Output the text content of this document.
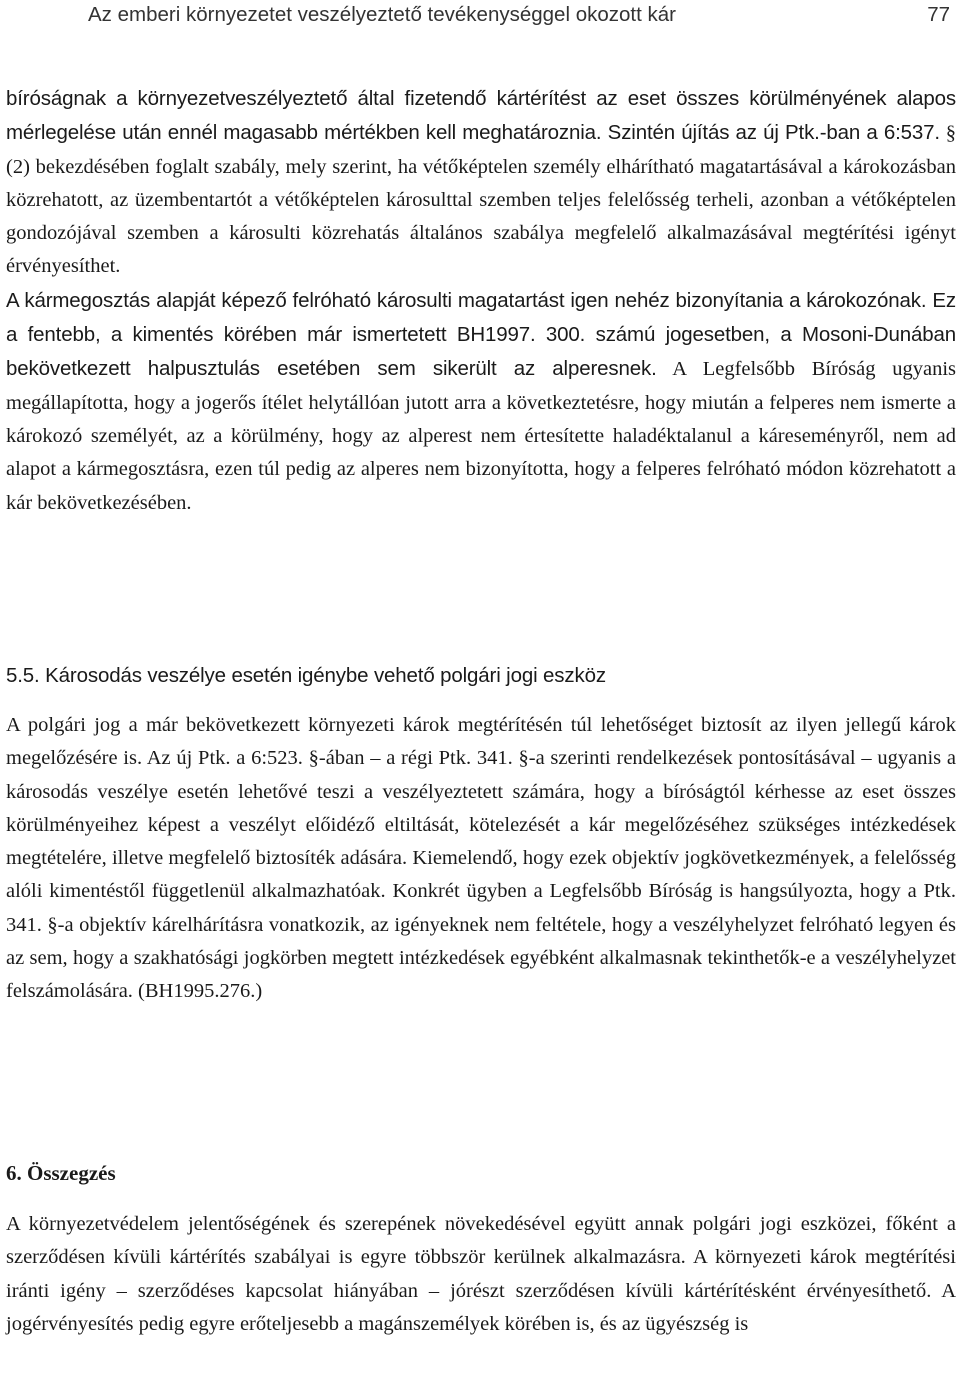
Az emberi környezetet veszélyeztető tevékenységgel okozott kár	77

bíróságnak a környezetveszélyeztető által fizetendő kártérítést az eset összes körülményének alapos mérlegelése után ennél magasabb mértékben kell meghatároznia. Szintén újítás az új Ptk.-ban a 6:537. § (2) bekezdésében foglalt szabály, mely szerint, ha vétőképtelen személy elhárítható magatartásával a károkozásban közrehatott, az üzembentartót a vétőképtelen károsulttal szemben teljes felelősség terheli, azonban a vétőképtelen gondozójával szemben a károsulti közrehatás általános szabálya megfelelő alkalmazásával megtérítési igényt érvényesíthet.

A kármegosztás alapját képező felróható károsulti magatartást igen nehéz bizonyítania a károkozónak. Ez a fentebb, a kimentés körében már ismertetett BH1997. 300. számú jogesetben, a Mosoni-Dunában bekövetkezett halpusztulás esetében sem sikerült az alperesnek. A Legfelsőbb Bíróság ugyanis megállapította, hogy a jogerős ítélet helytállóan jutott arra a következtetésre, hogy miután a felperes nem ismerte a károkozó személyét, az a körülmény, hogy az alperest nem értesítette haladéktalanul a káreseményről, nem ad alapot a kármegosztásra, ezen túl pedig az alperes nem bizonyította, hogy a felperes felróható módon közrehatott a kár bekövetkezésében.

5.5. Károsodás veszélye esetén igénybe vehető polgári jogi eszköz

A polgári jog a már bekövetkezett környezeti károk megtérítésén túl lehetőséget biztosít az ilyen jellegű károk megelőzésére is. Az új Ptk. a 6:523. §-ában – a régi Ptk. 341. §-a szerinti rendelkezések pontosításával – ugyanis a károsodás veszélye esetén lehetővé teszi a veszélyeztetett számára, hogy a bíróságtól kérhesse az eset összes körülményeihez képest a veszélyt előidéző eltiltását, kötelezését a kár megelőzéséhez szükséges intézkedések megtételére, illetve megfelelő biztosíték adására. Kiemelendő, hogy ezek objektív jogkövetkezmények, a felelősség alóli kimentéstől függetlenül alkalmazhatóak. Konkrét ügyben a Legfelsőbb Bíróság is hangsúlyozta, hogy a Ptk. 341. §-a objektív kárelhárításra vonatkozik, az igényeknek nem feltétele, hogy a veszélyhelyzet felróható legyen és az sem, hogy a szakhatósági jogkörben megtett intézkedések egyébként alkalmasnak tekinthetők-e a veszélyhelyzet felszámolására. (BH1995.276.)

6. Összegzés

A környezetvédelem jelentőségének és szerepének növekedésével együtt annak polgári jogi eszközei, főként a szerződésen kívüli kártérítés szabályai is egyre többször kerülnek alkalmazásra. A környezeti károk megtérítési iránti igény – szerződéses kapcsolat hiányában – jórészt szerződésen kívüli kártérítésként érvényesíthető. A jogérvényesítés pedig egyre erőteljesebb a magánszemélyek körében is, és az ügyészség is
